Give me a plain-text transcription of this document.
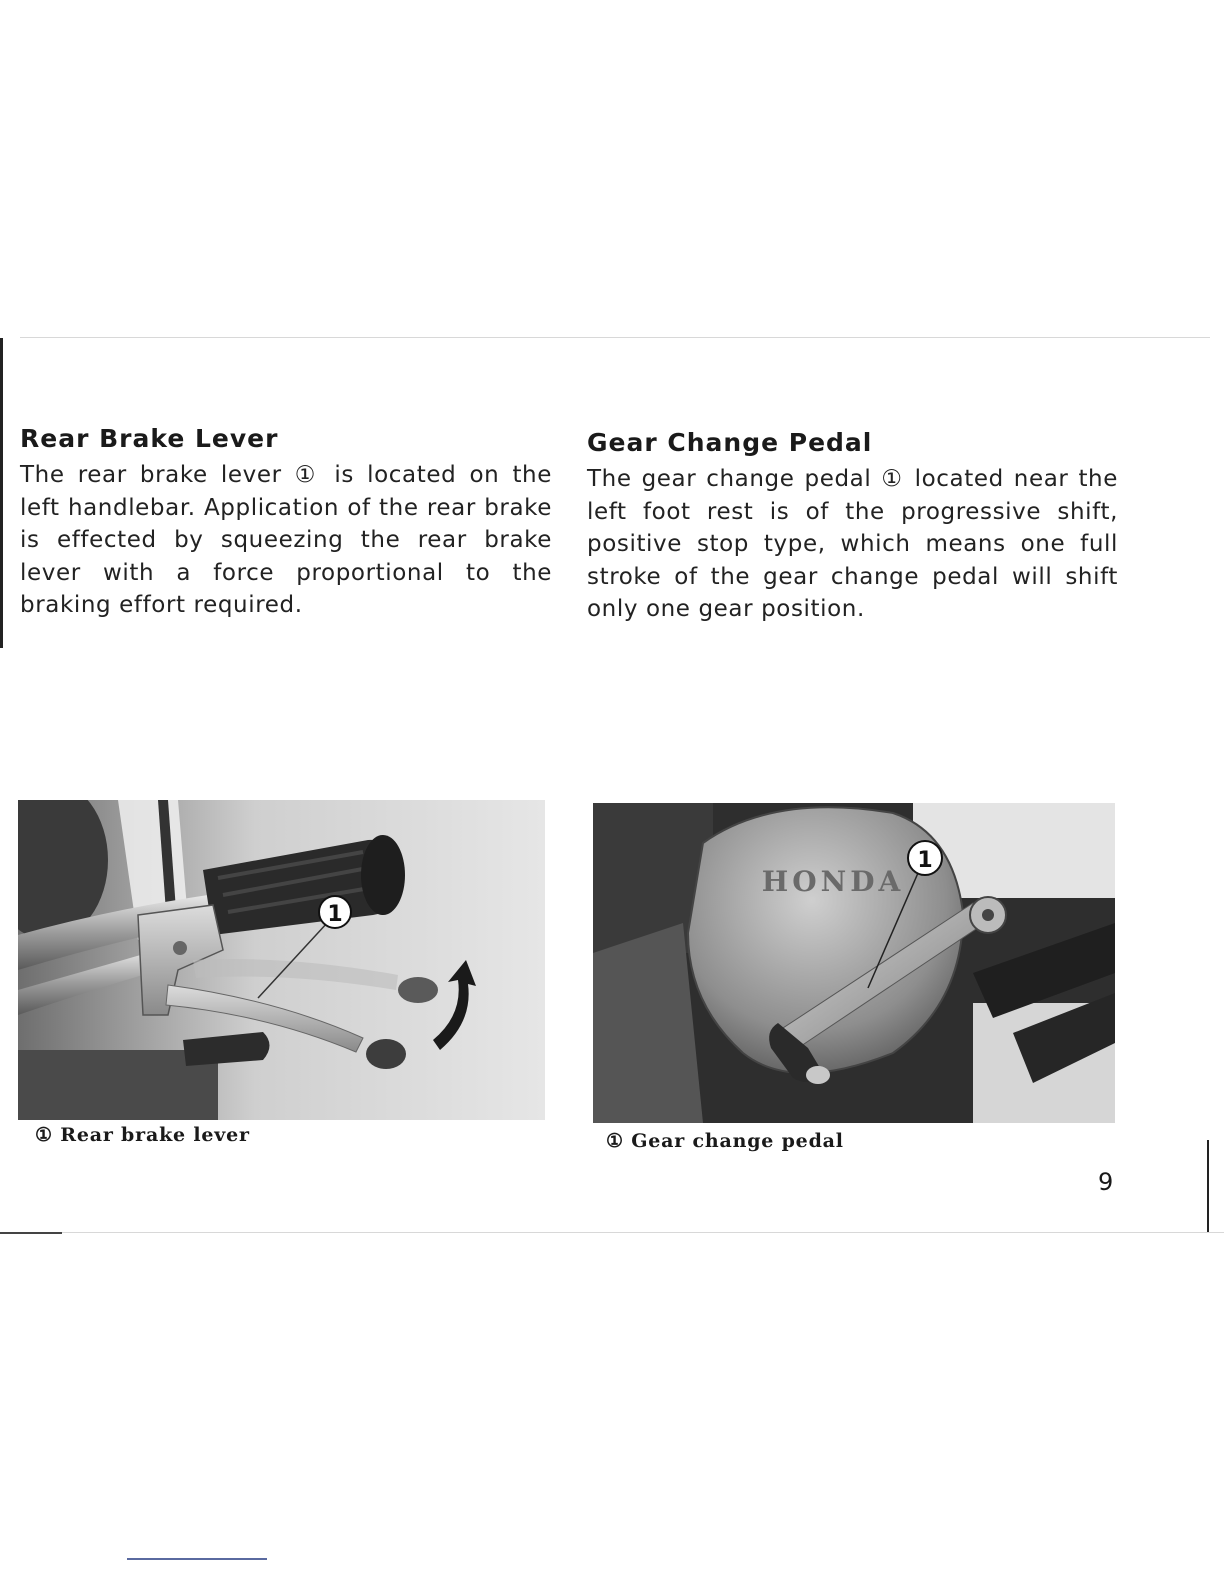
Rear Brake Lever

The rear brake lever ① is located on the left handlebar. Application of the rear brake is effected by squeezing the rear brake lever with a force proportional to the braking effort required.

Gear Change Pedal

The gear change pedal ① located near the left foot rest is of the progressive shift, positive stop type, which means one full stroke of the gear change pedal will shift only one gear position.

1
① Rear brake lever
HONDA
1
① Gear change pedal
9
